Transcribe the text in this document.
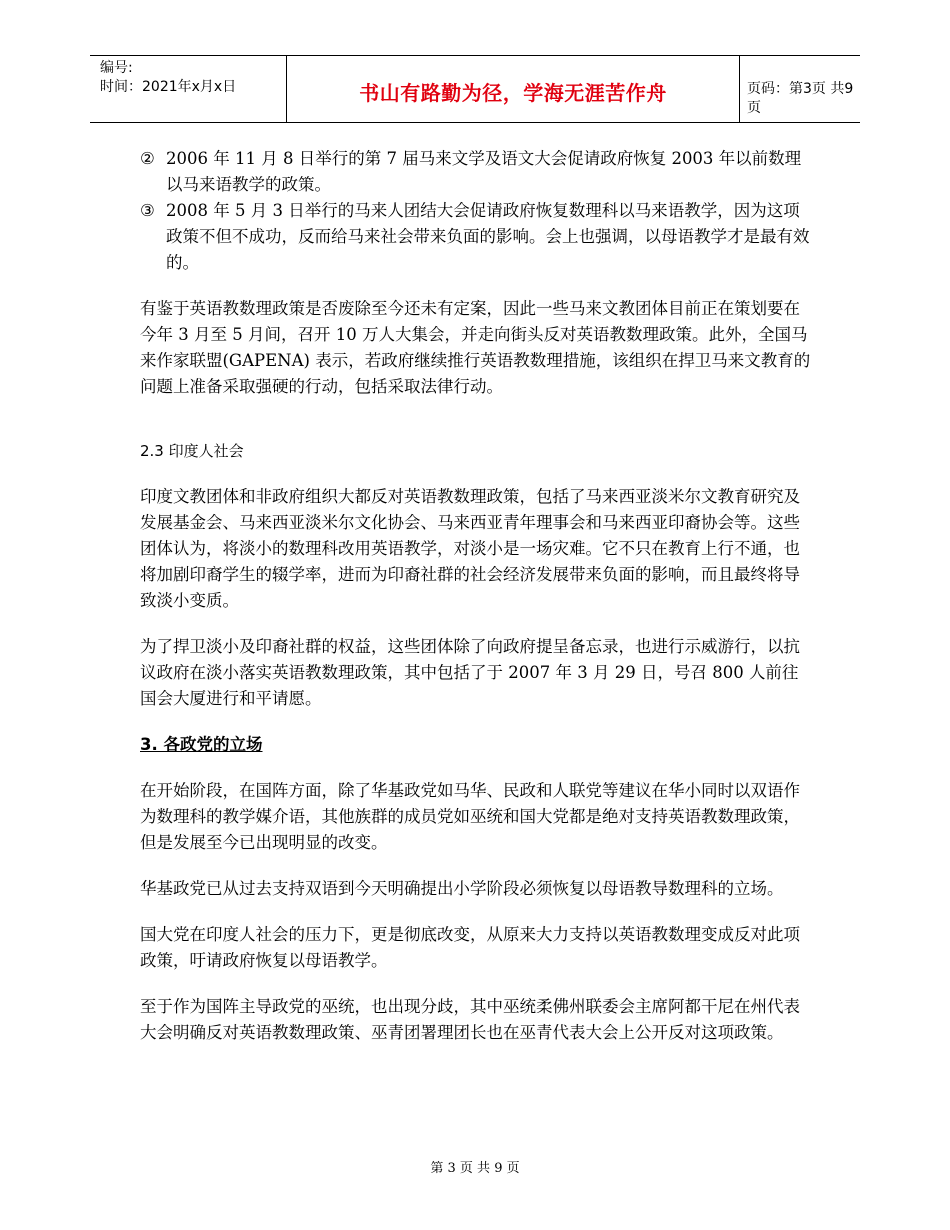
编号:
时间：2021年x月x日	书山有路勤为径，学海无涯苦作舟	页码：第3页 共9页
② 2006 年 11 月 8 日举行的第 7 届马来文学及语文大会促请政府恢复 2003 年以前数理以马来语教学的政策。

③ 2008 年 5 月 3 日举行的马来人团结大会促请政府恢复数理科以马来语教学，因为这项政策不但不成功，反而给马来社会带来负面的影响。会上也强调，以母语教学才是最有效的。

有鉴于英语教数理政策是否废除至今还未有定案，因此一些马来文教团体目前正在策划要在今年 3 月至 5 月间，召开 10 万人大集会，并走向街头反对英语教数理政策。此外，全国马来作家联盟(GAPENA) 表示，若政府继续推行英语教数理措施，该组织在捍卫马来文教育的问题上准备采取强硬的行动，包括采取法律行动。

2.3 印度人社会

印度文教团体和非政府组织大都反对英语教数理政策，包括了马来西亚淡米尔文教育研究及发展基金会、马来西亚淡米尔文化协会、马来西亚青年理事会和马来西亚印裔协会等。这些团体认为，将淡小的数理科改用英语教学，对淡小是一场灾难。它不只在教育上行不通，也将加剧印裔学生的辍学率，进而为印裔社群的社会经济发展带来负面的影响，而且最终将导致淡小变质。

为了捍卫淡小及印裔社群的权益，这些团体除了向政府提呈备忘录，也进行示威游行，以抗议政府在淡小落实英语教数理政策，其中包括了于 2007 年 3 月 29 日，号召 800 人前往国会大厦进行和平请愿。

3. 各政党的立场

在开始阶段，在国阵方面，除了华基政党如马华、民政和人联党等建议在华小同时以双语作为数理科的教学媒介语，其他族群的成员党如巫统和国大党都是绝对支持英语教数理政策，但是发展至今已出现明显的改变。

华基政党已从过去支持双语到今天明确提出小学阶段必须恢复以母语教导数理科的立场。

国大党在印度人社会的压力下，更是彻底改变，从原来大力支持以英语教数理变成反对此项政策，吁请政府恢复以母语教学。

至于作为国阵主导政党的巫统，也出现分歧，其中巫统柔佛州联委会主席阿都干尼在州代表大会明确反对英语教数理政策、巫青团署理团长也在巫青代表大会上公开反对这项政策。

第 3 页 共 9 页
